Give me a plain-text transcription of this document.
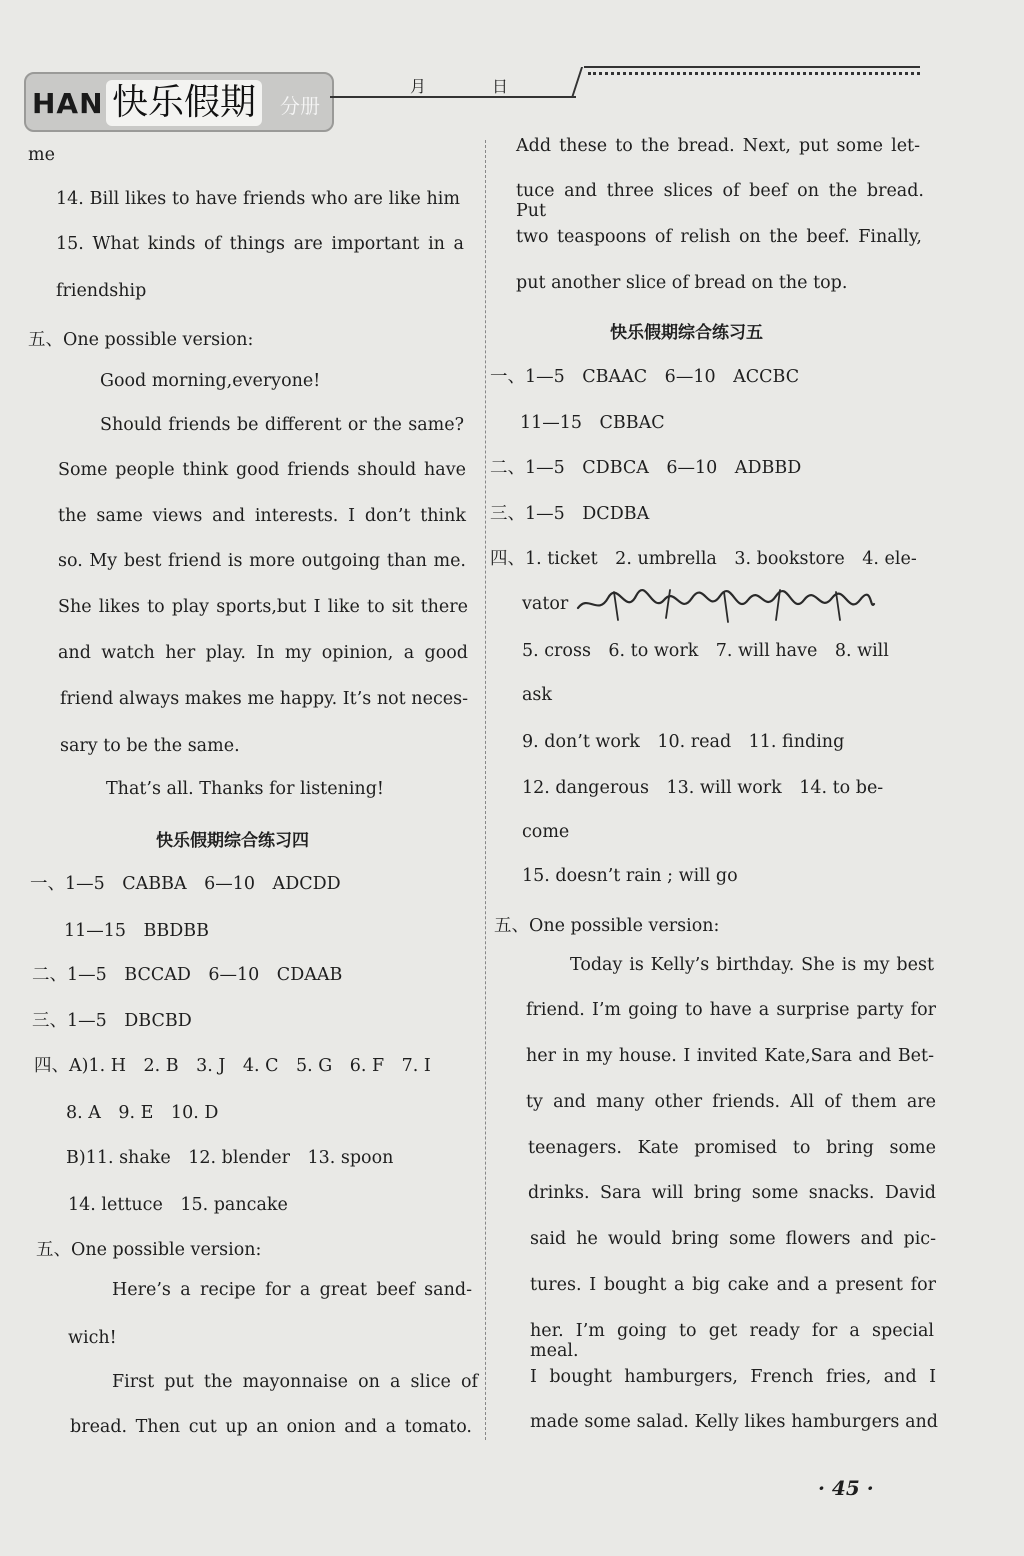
HAN 快乐假期	分册
月	日
me
14. Bill likes to have friends who are like him
15. What kinds of things are important in a
friendship
五、One possible version:
Good morning,everyone!
Should friends be different or the same?
Some people think good friends should have
the same views and interests. I don’t think
so. My best friend is more outgoing than me.
She likes to play sports,but I like to sit there
and watch her play. In my opinion, a good
friend always makes me happy. It’s not neces-
sary to be the same.
That’s all. Thanks for listening!
一、1—5　CABBA　6—10　ADCDD
11—15　BBDBB
二、1—5　BCCAD　6—10　CDAAB
三、1—5　DBCBD
四、A)1. H　2. B　3. J　4. C　5. G　6. F　7. I
8. A　9. E　10. D
B)11. shake　12. blender　13. spoon
14. lettuce　15. pancake
五、One possible version:
Here’s a recipe for a great beef sand-
wich!
First put the mayonnaise on a slice of
bread. Then cut up an onion and a tomato.
快乐假期综合练习四
Add these to the bread. Next, put some let-
tuce and three slices of beef on the bread. Put
two teaspoons of relish on the beef. Finally,
put another slice of bread on the top.
一、1—5　CBAAC　6—10　ACCBC
11—15　CBBAC
二、1—5　CDBCA　6—10　ADBBD
三、1—5　DCDBA
四、1. ticket　2. umbrella　3. bookstore　4. ele-
vator
5. cross　6. to work　7. will have　8. will
ask
9. don’t work　10. read　11. finding
12. dangerous　13. will work　14. to be-
come
15. doesn’t rain ; will go
五、One possible version:
Today is Kelly’s birthday. She is my best
friend. I’m going to have a surprise party for
her in my house. I invited Kate,Sara and Bet-
ty and many other friends. All of them are
teenagers. Kate promised to bring some
drinks. Sara will bring some snacks. David
said he would bring some flowers and pic-
tures. I bought a big cake and a present for
her. I’m going to get ready for a special meal.
I bought hamburgers, French fries, and I
made some salad. Kelly likes hamburgers and
快乐假期综合练习五
· 45 ·
